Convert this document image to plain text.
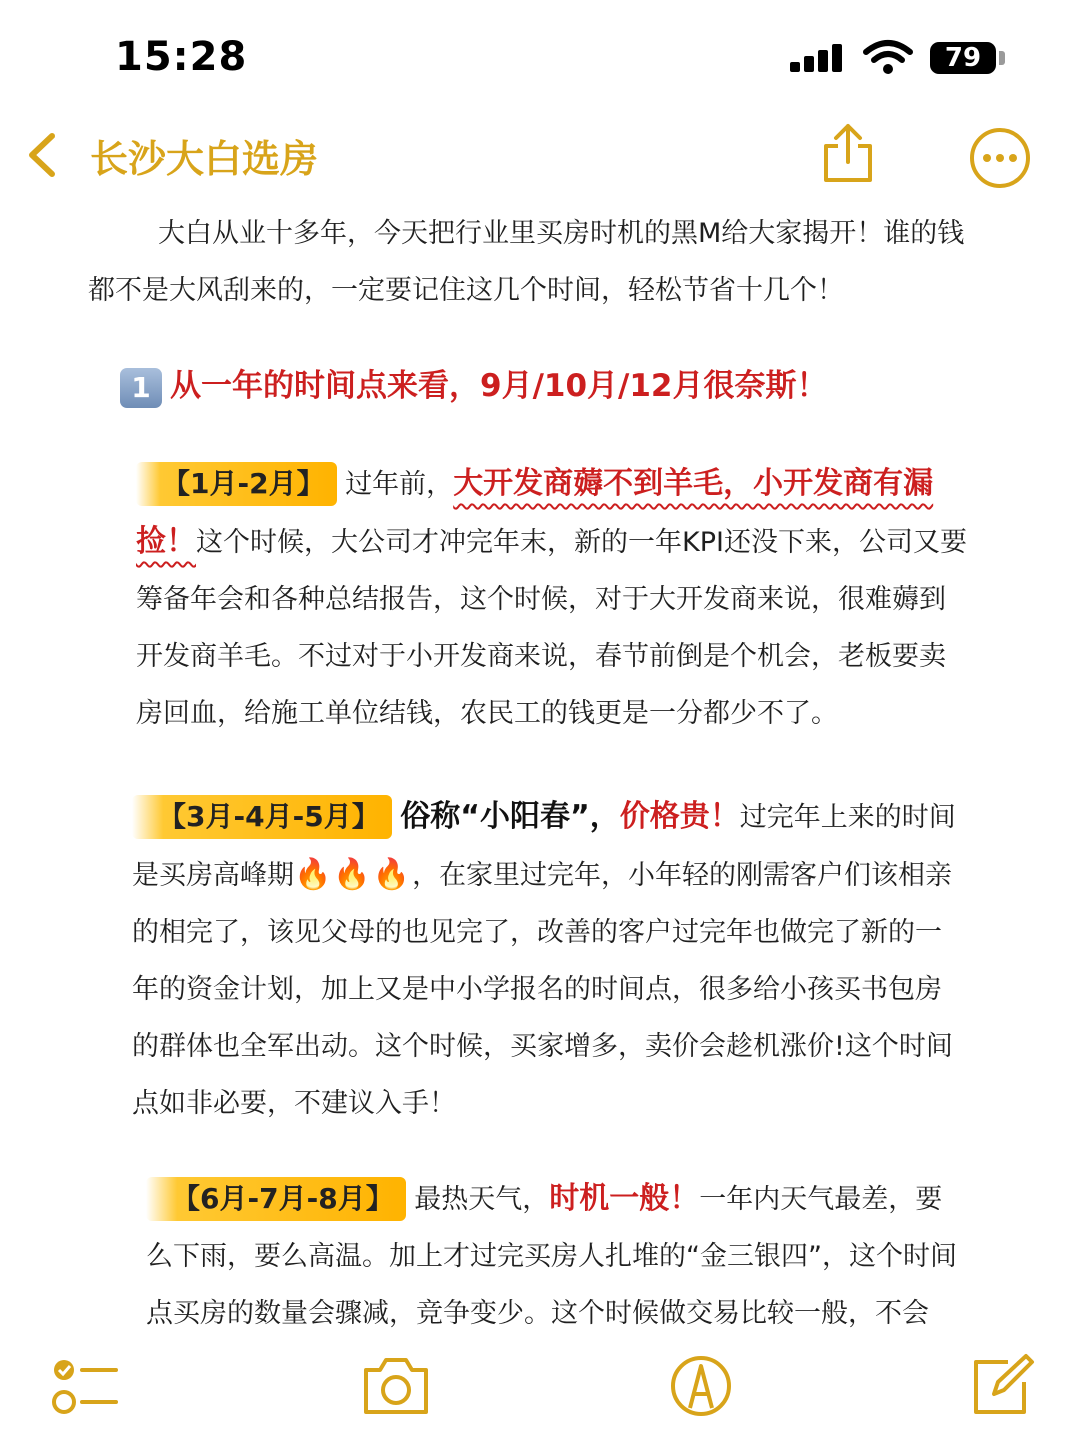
15:28	79
长沙大白选房

大白从业十多年，今天把行业里买房时机的黑M给大家揭开！谁的钱都不是大风刮来的，一定要记住这几个时间，轻松节省十几个！

1 从一年的时间点来看，9月/10月/12月很奈斯！

【1月-2月】 过年前，大开发商薅不到羊毛，小开发商有漏捡！这个时候，大公司才冲完年末，新的一年KPI还没下来，公司又要筹备年会和各种总结报告，这个时候，对于大开发商来说，很难薅到开发商羊毛。不过对于小开发商来说，春节前倒是个机会，老板要卖房回血，给施工单位结钱，农民工的钱更是一分都少不了。

【3月-4月-5月】 俗称“小阳春”，价格贵！过完年上来的时间是买房高峰期🔥🔥🔥，在家里过完年，小年轻的刚需客户们该相亲的相完了，该见父母的也见完了，改善的客户过完年也做完了新的一年的资金计划，加上又是中小学报名的时间点，很多给小孩买书包房的群体也全军出动。这个时候，买家增多，卖价会趁机涨价!这个时间点如非必要，不建议入手！

【6月-7月-8月】 最热天气，时机一般！一年内天气最差，要么下雨，要么高温。加上才过完买房人扎堆的“金三银四”，这个时间点买房的数量会骤减，竞争变少。这个时候做交易比较一般，不会
